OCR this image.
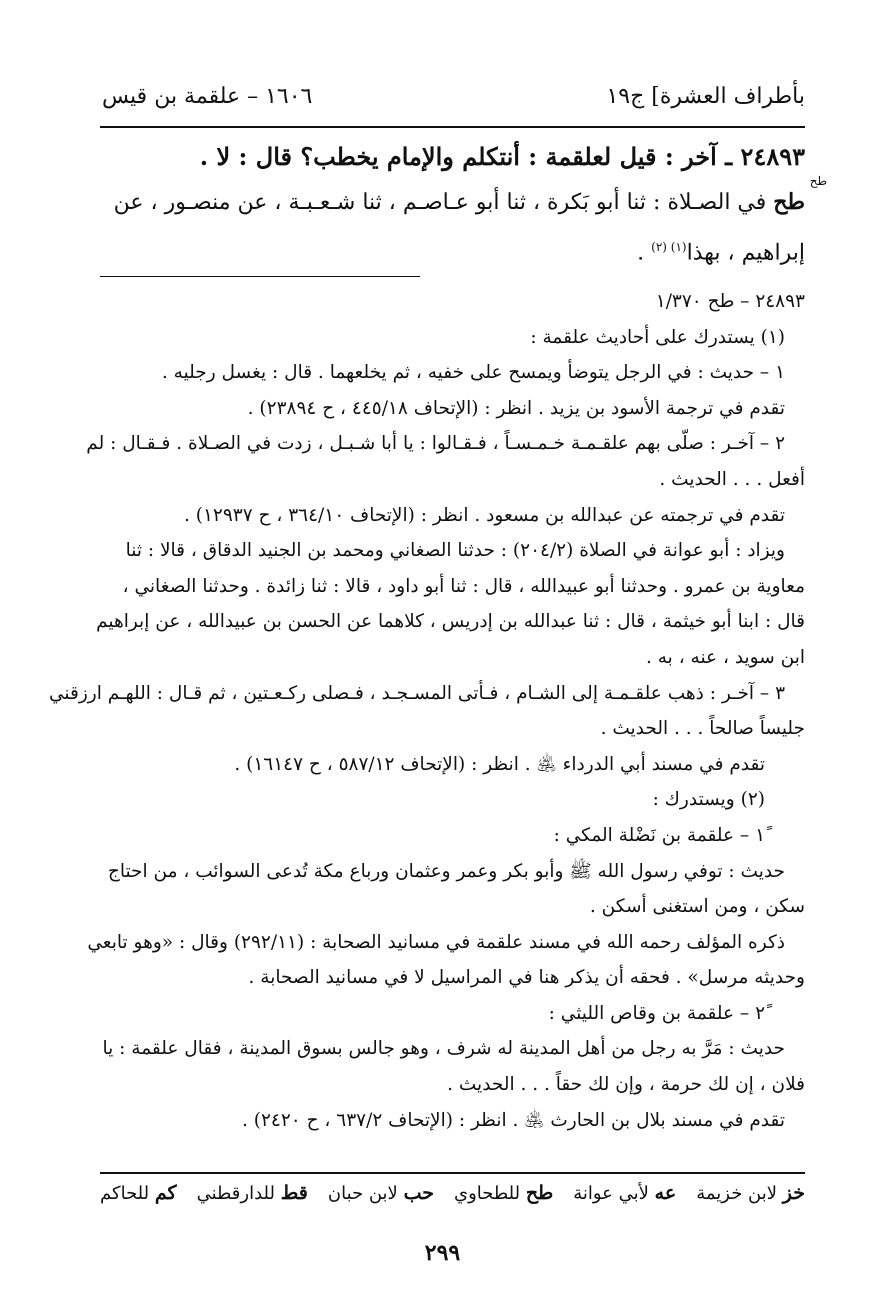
بأطراف العشرة] ج١٩
١٦٠٦ – علقمة بن قيس
طح
٢٤٨٩٣ ـ آخر : قيل لعلقمة : أنتكلم والإمام يخطب؟ قال : لا .
طح في الصـلاة : ثنا أبو بَكرة ، ثنا أبو عـاصـم ، ثنا شـعـبـة ، عن منصـور ، عن
إبراهيم ، بهذا$^{(١) (٢)}$ .

٢٤٨٩٣ – طح ١/٣٧٠

(١) يستدرك على أحاديث علقمة :

١ – حديث : في الرجل يتوضأ ويمسح على خفيه ، ثم يخلعهما . قال : يغسل رجليه .

تقدم في ترجمة الأسود بن يزيد . انظر : (الإتحاف ٤٤٥/١٨ ، ح ٢٣٨٩٤) .

٢ – آخـر : صلّى بهم علقـمـة خـمـسـاً ، فـقـالوا : يا أبا شـبـل ، زدت في الصـلاة . فـقـال : لم

أفعل . . . الحديث .

تقدم في ترجمته عن عبدالله بن مسعود . انظر : (الإتحاف ٣٦٤/١٠ ، ح ١٢٩٣٧) .

ويزاد : أبو عوانة في الصلاة (٢٠٤/٢) : حدثنا الصغاني ومحمد بن الجنيد الدقاق ، قالا : ثنا

معاوية بن عمرو . وحدثنا أبو عبيدالله ، قال : ثنا أبو داود ، قالا : ثنا زائدة . وحدثنا الصغاني ،

قال : ابنا أبو خيثمة ، قال : ثنا عبدالله بن إدريس ، كلاهما عن الحسن بن عبيدالله ، عن إبراهيم

ابن سويد ، عنه ، به .

٣ – آخـر : ذهب علقـمـة إلى الشـام ، فـأتى المسـجـد ، فـصلى ركـعـتين ، ثم قـال : اللهـم ارزقني

جليساً صالحاً . . . الحديث .

تقدم في مسند أبي الدرداء ﵁ . انظر : (الإتحاف ٥٨٧/١٢ ، ح ١٦١٤٧) .

(٢) ويستدرك :

١ً – علقمة بن نَضْلة المكي :

حديث : توفي رسول الله ﷺ وأبو بكر وعمر وعثمان ورباع مكة تُدعى السوائب ، من احتاج

سكن ، ومن استغنى أسكن .

ذكره المؤلف رحمه الله في مسند علقمة في مسانيد الصحابة : (٢٩٢/١١) وقال : «وهو تابعي

وحديثه مرسل» . فحقه أن يذكر هنا في المراسيل لا في مسانيد الصحابة .

٢ً – علقمة بن وقاص الليثي :

حديث : مَرَّ به رجل من أهل المدينة له شرف ، وهو جالس بسوق المدينة ، فقال علقمة : يا

فلان ، إن لك حرمة ، وإن لك حقاً . . . الحديث .

تقدم في مسند بلال بن الحارث ﵁ . انظر : (الإتحاف ٦٣٧/٢ ، ح ٢٤٢٠) .

خز لابن خزيمة
عه لأبي عوانة
طح للطحاوي
حب لابن حبان
قط للدارقطني
كم للحاكم
٢٩٩
